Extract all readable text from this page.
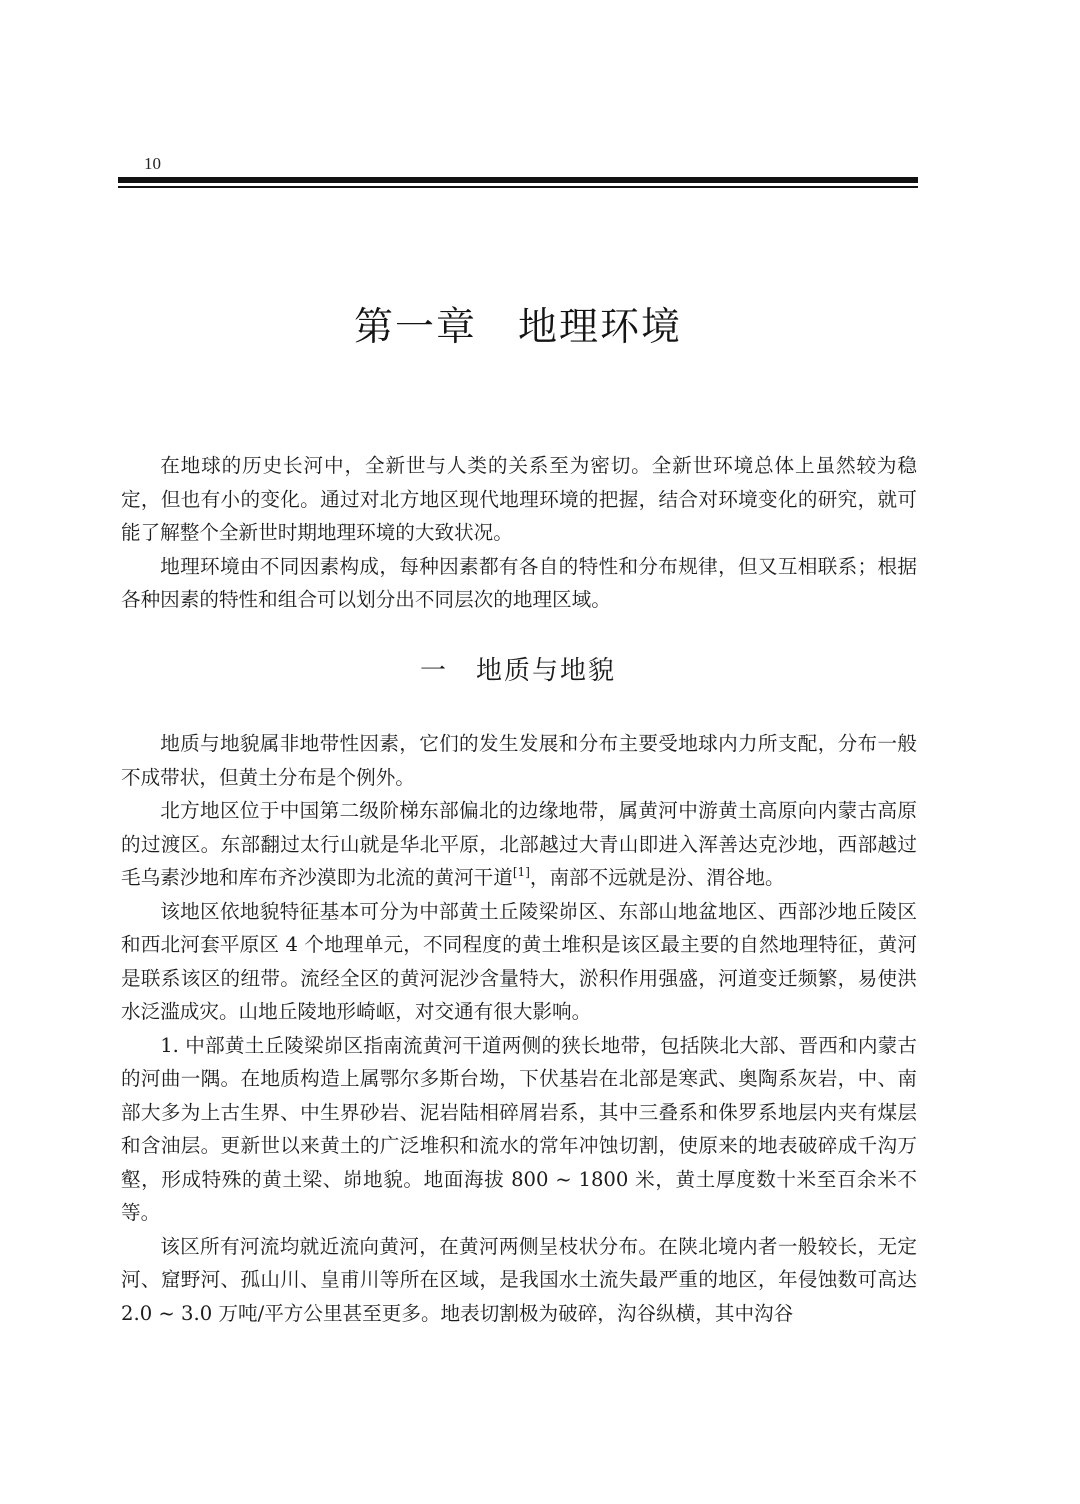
10
第一章　地理环境

在地球的历史长河中，全新世与人类的关系至为密切。全新世环境总体上虽然较为稳定，但也有小的变化。通过对北方地区现代地理环境的把握，结合对环境变化的研究，就可能了解整个全新世时期地理环境的大致状况。

地理环境由不同因素构成，每种因素都有各自的特性和分布规律，但又互相联系；根据各种因素的特性和组合可以划分出不同层次的地理区域。

一　地质与地貌

地质与地貌属非地带性因素，它们的发生发展和分布主要受地球内力所支配，分布一般不成带状，但黄土分布是个例外。

北方地区位于中国第二级阶梯东部偏北的边缘地带，属黄河中游黄土高原向内蒙古高原的过渡区。东部翻过太行山就是华北平原，北部越过大青山即进入浑善达克沙地，西部越过毛乌素沙地和库布齐沙漠即为北流的黄河干道[1]，南部不远就是汾、渭谷地。

该地区依地貌特征基本可分为中部黄土丘陵梁峁区、东部山地盆地区、西部沙地丘陵区和西北河套平原区 4 个地理单元，不同程度的黄土堆积是该区最主要的自然地理特征，黄河是联系该区的纽带。流经全区的黄河泥沙含量特大，淤积作用强盛，河道变迁频繁，易使洪水泛滥成灾。山地丘陵地形崎岖，对交通有很大影响。

1. 中部黄土丘陵梁峁区指南流黄河干道两侧的狭长地带，包括陕北大部、晋西和内蒙古的河曲一隅。在地质构造上属鄂尔多斯台坳，下伏基岩在北部是寒武、奥陶系灰岩，中、南部大多为上古生界、中生界砂岩、泥岩陆相碎屑岩系，其中三叠系和侏罗系地层内夹有煤层和含油层。更新世以来黄土的广泛堆积和流水的常年冲蚀切割，使原来的地表破碎成千沟万壑，形成特殊的黄土梁、峁地貌。地面海拔 800 ~ 1800 米，黄土厚度数十米至百余米不等。

该区所有河流均就近流向黄河，在黄河两侧呈枝状分布。在陕北境内者一般较长，无定河、窟野河、孤山川、皇甫川等所在区域，是我国水土流失最严重的地区，年侵蚀数可高达 2.0 ~ 3.0 万吨/平方公里甚至更多。地表切割极为破碎，沟谷纵横，其中沟谷
